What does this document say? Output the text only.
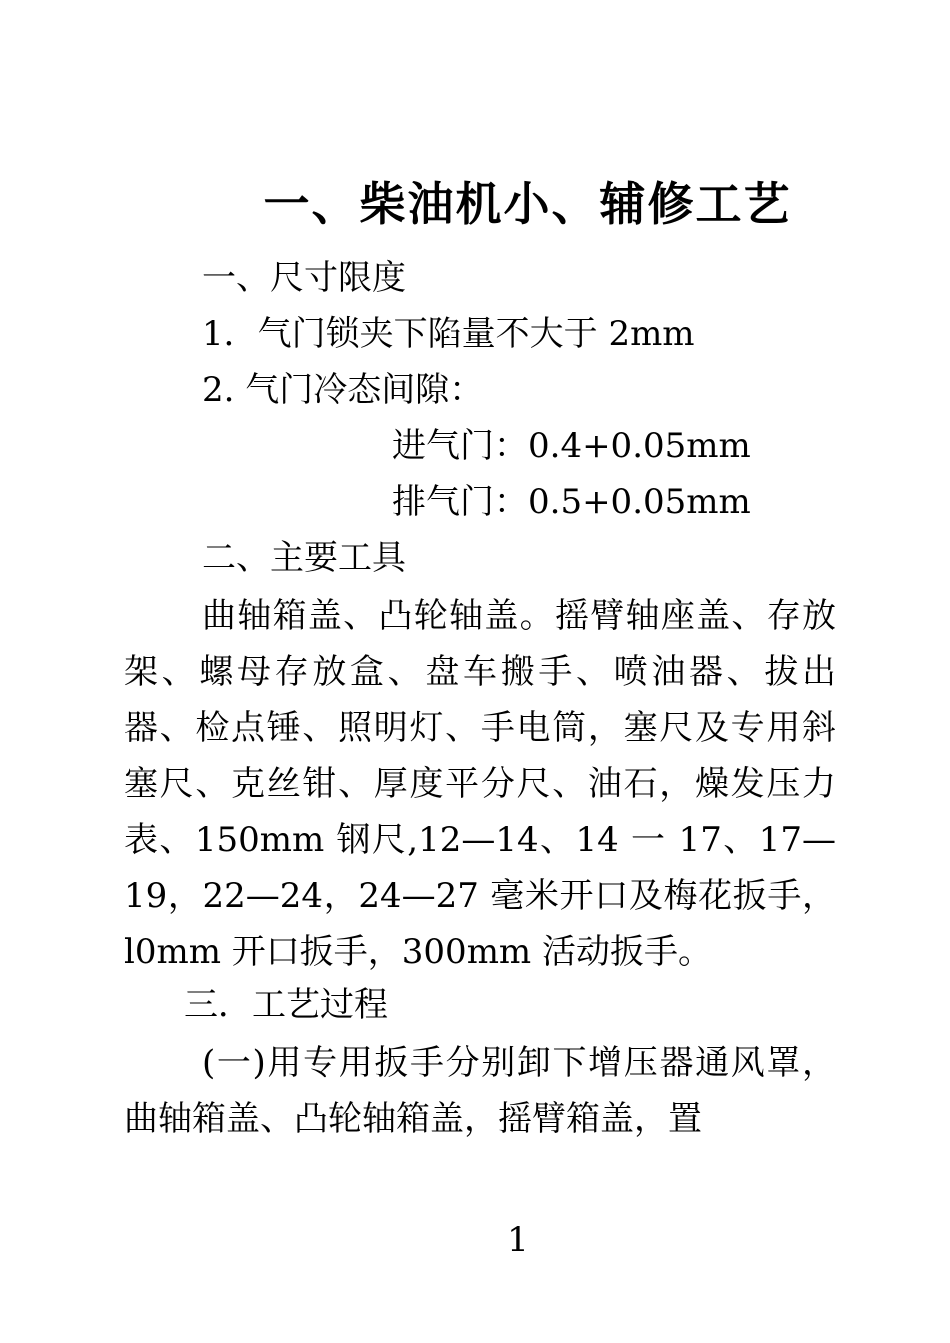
一、柴油机小、辅修工艺
一、尺寸限度
1．气门锁夹下陷量不大于 2mm
2. 气门冷态间隙：
进气门：0.4+0.05mm
排气门：0.5+0.05mm
二、主要工具
曲轴箱盖、凸轮轴盖。摇臂轴座盖、存放架、螺母存放盒、盘车搬手、喷油器、拔出器、检点锤、照明灯、手电筒，塞尺及专用斜塞尺、克丝钳、厚度平分尺、油石，燥发压力表、150mm 钢尺,12—14、14 一 17、17—19，22—24，24—27 毫米开口及梅花扳手，l0mm 开口扳手，300mm 活动扳手。
三．工艺过程
(一)用专用扳手分别卸下增压器通风罩，曲轴箱盖、凸轮轴箱盖，摇臂箱盖，置
1
